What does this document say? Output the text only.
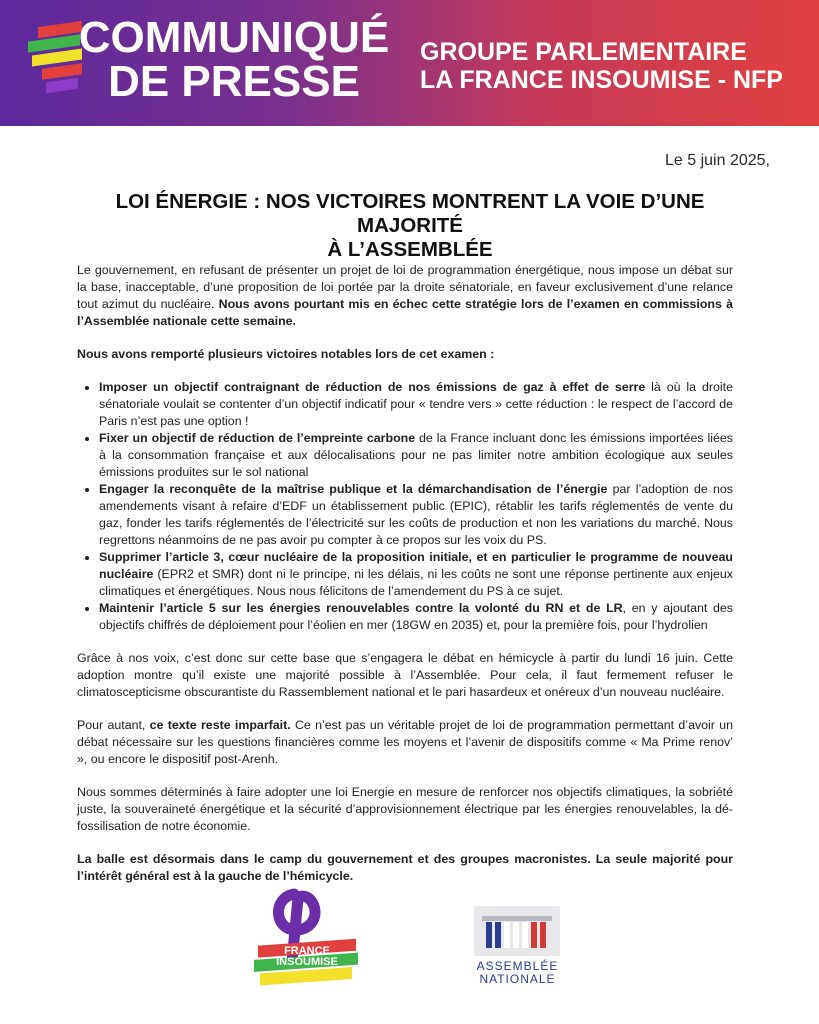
COMMUNIQUÉ
DE PRESSE
GROUPE PARLEMENTAIRE
LA FRANCE INSOUMISE - NFP
Le 5 juin 2025,
LOI ÉNERGIE : NOS VICTOIRES MONTRENT LA VOIE D’UNE MAJORITÉ
À L’ASSEMBLÉE

Le gouvernement, en refusant de présenter un projet de loi de programmation énergétique, nous impose un débat sur la base, inacceptable, d’une proposition de loi portée par la droite sénatoriale, en faveur exclusivement d’une relance tout azimut du nucléaire. Nous avons pourtant mis en échec cette stratégie lors de l’examen en commissions à l’Assemblée nationale cette semaine.

Nous avons remporté plusieurs victoires notables lors de cet examen :

• Imposer un objectif contraignant de réduction de nos émissions de gaz à effet de serre là où la droite sénatoriale voulait se contenter d’un objectif indicatif pour « tendre vers » cette réduction : le respect de l’accord de Paris n’est pas une option !
• Fixer un objectif de réduction de l’empreinte carbone de la France incluant donc les émissions importées liées à la consommation française et aux délocalisations pour ne pas limiter notre ambition écologique aux seules émissions produites sur le sol national
• Engager la reconquête de la maîtrise publique et la démarchandisation de l’énergie par l’adoption de nos amendements visant à refaire d’EDF un établissement public (EPIC), rétablir les tarifs réglementés de vente du gaz, fonder les tarifs réglementés de l’électricité sur les coûts de production et non les variations du marché. Nous regrettons néanmoins de ne pas avoir pu compter à ce propos sur les voix du PS.
• Supprimer l’article 3, cœur nucléaire de la proposition initiale, et en particulier le programme de nouveau nucléaire (EPR2 et SMR) dont ni le principe, ni les délais, ni les coûts ne sont une réponse pertinente aux enjeux climatiques et énergétiques. Nous nous félicitons de l’amendement du PS à ce sujet.
• Maintenir l’article 5 sur les énergies renouvelables contre la volonté du RN et de LR, en y ajoutant des objectifs chiffrés de déploiement pour l’éolien en mer (18GW en 2035) et, pour la première fois, pour l’hydrolien

Grâce à nos voix, c’est donc sur cette base que s’engagera le débat en hémicycle à partir du lundi 16 juin. Cette adoption montre qu’il existe une majorité possible à l’Assemblée. Pour cela, il faut fermement refuser le climatoscepticisme obscurantiste du Rassemblement national et le pari hasardeux et onéreux d’un nouveau nucléaire.

Pour autant, ce texte reste imparfait. Ce n’est pas un véritable projet de loi de programmation permettant d’avoir un débat nécessaire sur les questions financières comme les moyens et l’avenir de dispositifs comme « Ma Prime renov’ », ou encore le dispositif post-Arenh.

Nous sommes déterminés à faire adopter une loi Energie en mesure de renforcer nos objectifs climatiques, la sobriété juste, la souveraineté énergétique et la sécurité d’approvisionnement électrique par les énergies renouvelables, la dé-fossilisation de notre économie.

La balle est désormais dans le camp du gouvernement et des groupes macronistes. La seule majorité pour l’intérêt général est à la gauche de l’hémicycle.

FRANCE
INSOUMISE	ASSEMBLÉE
NATIONALE
